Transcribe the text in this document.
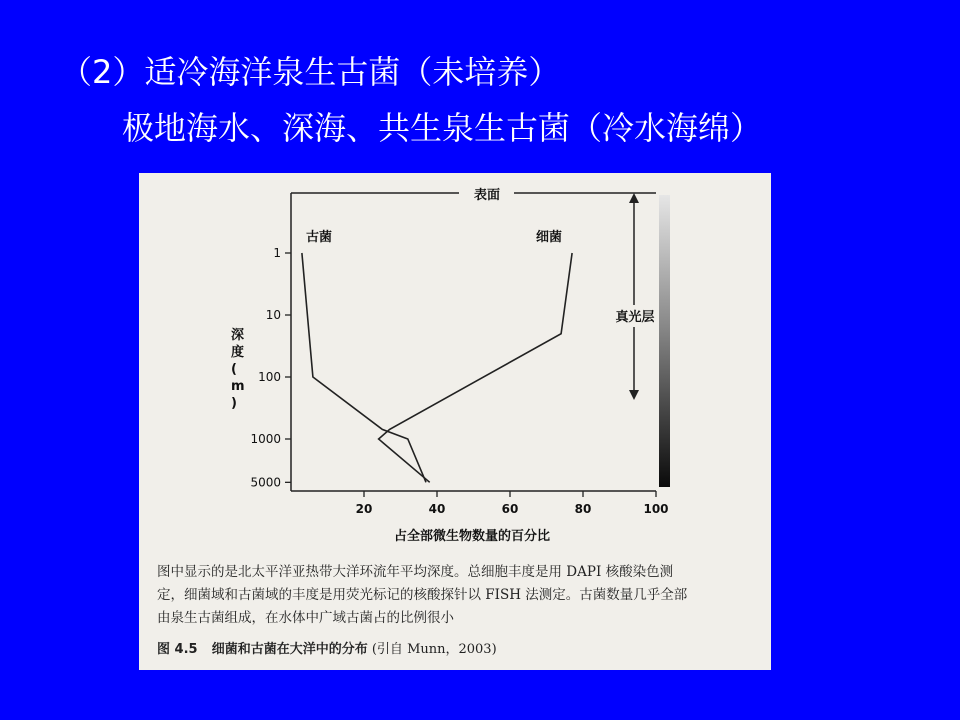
（2）适冷海洋泉生古菌（未培养）
极地海水、深海、共生泉生古菌（冷水海绵）
表面
1
10
100
1000
5000
20	40	60	80	100
深度( m )
占全部微生物数量的百分比
古菌	细菌
真光层
图中显示的是北太平洋亚热带大洋环流年平均深度。总细胞丰度是用 DAPI 核酸染色测
定，细菌域和古菌域的丰度是用荧光标记的核酸探针以 FISH 法测定。古菌数量几乎全部
由泉生古菌组成，在水体中广域古菌占的比例很小
图 4.5 细菌和古菌在大洋中的分布 (引自 Munn，2003)
